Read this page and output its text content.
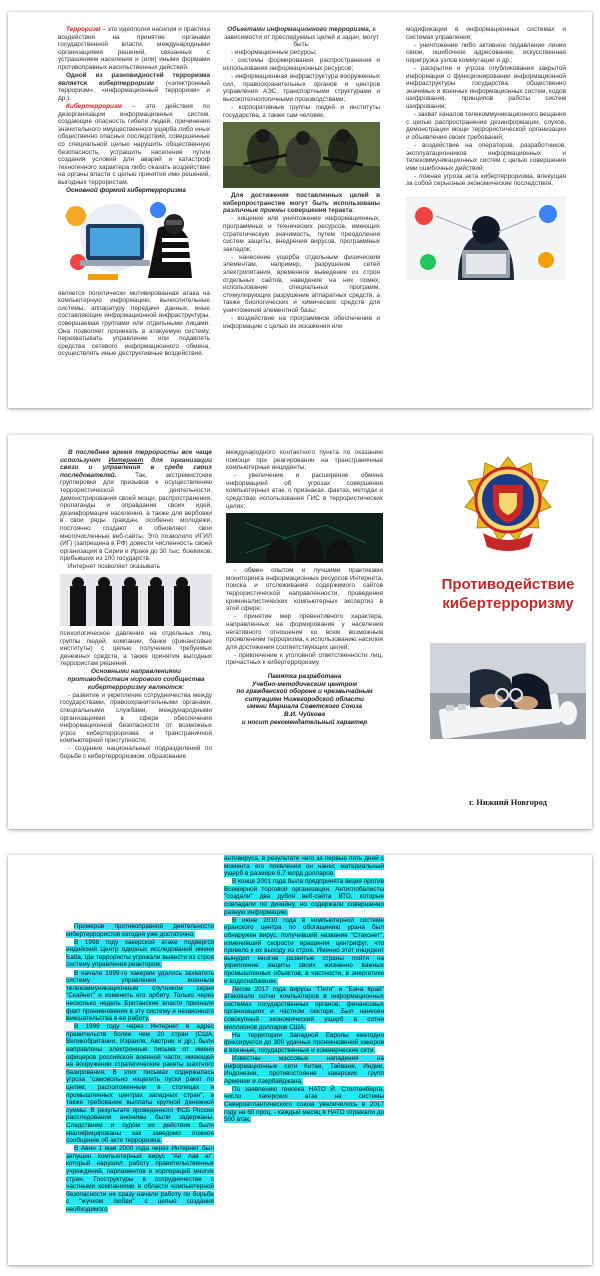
Терроризм – это идеология насилия и практика воздействия на принятие органами государственной власти, международными организациями решений, связанных с устрашением населения и (или) иными формами противоправных насильственных действий.

Одной из разновидностей терроризма является кибертерроризм («электронный терроризм», «информационный терроризм» и др.).

Кибертерроризм – это действия по дезорганизации информационных систем, создающие опасность гибели людей, причинения значительного имущественного ущерба либо иных общественно опасных последствий, совершенные со специальной целью нарушить общественную безопасность, устрашить население путем создания условий для аварий и катастроф техногенного характера либо оказать воздействие на органы власти с целью принятия ими решений, выгодных террористам.

Основной формой кибертерроризма

является политически мотивированная атака на компьютерную информацию, вычислительные системы, аппаратуру передачи данных, иные составляющие информационной инфраструктуры, совершаемая группами или отдельными лицами. Она позволяет проникать в атакуемую систему, перехватывать управление или подавлять средства сетевого информационного обмена, осуществлять иные деструктивные воздействия.

Объектами информационного терроризма, в зависимости от преследуемых целей и задач, могут быть:

- информационные ресурсы;

- системы формирования, распространения и использования информационных ресурсов;

- информационная инфраструктура вооруженных сил, правоохранительных органов и центров управления АЭС, транспортными структурами и высокотехнологичными производствами;

- корпоративные группы людей и институты государства, а также сам человек.

Для достижения поставленных целей в киберпространстве могут быть использованы различные приемы совершения теракта:

- хищение или уничтожение информационных, программных и технических ресурсов, имеющих стратегическую значимость, путем преодоления систем защиты, внедрения вирусов, программных закладок;

- нанесение ущерба отдельным физическим элементам, например, разрушение сетей электропитания, временное выведение из строя отдельных сайтов, наведение на них помех, использование специальных программ, стимулирующих разрушение аппаратных средств, а также биологических и химических средств для уничтожения элементной базы;

- воздействие на программное обеспечение и информацию с целью их искажения или

модификации в информационных системах и системах управления;

- уничтожение либо активное подавление линии связи, ошибочное адресование, искусственная перегрузка узлов коммутации и др.;

- раскрытие и угроза опубликования закрытой информации о функционировании информационной инфраструктуры государства, общественно значимых и военных информационных систем, кодов шифрования, принципов работы систем шифрования;

- захват каналов телекоммуникационного вещания с целью распространения дезинформации, слухов, демонстрации мощи террористической организации и объявления своих требований;

- воздействие на операторов, разработчиков, эксплуатационников информационных и телекоммуникационных систем с целью совершения ими ошибочных действий;

- ложная угроза акта кибертерроризма, влекущая за собой серьезные экономические последствия.

В последнее время террористы все чаще используют Интернет для организации связи и управления в среде своих последователей. Так, экстремистские группировки для призывов к осуществлению террористической деятельности, демонстрирования своей мощи, распространения, пропаганды и оправдания своих идей, дезинформации населения, а также для вербовки в свои ряды граждан, особенно молодежи, постоянно создают и обновляют свои многочисленные веб-сайты. Это позволило ИГИЛ (ИГ) (запрещена в РФ) довести численность своей организации в Сирии и Ираке до 30 тыс. боевиков, прибывших из 100 государств.

Интернет позволяет оказывать

психологическое давление на отдельных лиц, группы людей, компании, банки (финансовые институты) с целью получения требуемых денежных средств, а также принятия выгодных террористам решений.

Основными направлениями противодействия мирового сообщества кибертерроризму являются:

- развитие и укрепление сотрудничества между государствами, правоохранительными органами, специальными службами, международными организациями в сфере обеспечения информационной безопасности от возможных угроз кибертерроризма и трансграничной компьютерной преступности;

- создание национальных подразделений по борьбе с кибертерроризмом, образование

международного контактного пункта по оказанию помощи при реагировании на трансграничные компьютерные инциденты;

- увеличение и расширение обмена информацией об угрозах совершения компьютерных атак, о признаках, фактах, методах и средствах использования ГИС в террористических целях;

- обмен опытом и лучшими практиками мониторинга информационных ресурсов Интернета, поиска и отслеживания содержимого сайтов террористической направленности, проведения криминалистических компьютерных экспертиз в этой сфере;

- принятие мер превентивного характера, направленных на формирование у населения негативного отношения ко всем возможным проявлениям терроризма, к использованию насилия для достижения соответствующих целей;

- привлечение к уголовной ответственности лиц, причастных к кибертерроризму.

Памятка разработана
Учебно-методическим центром
по гражданской обороне и чрезвычайным
ситуациям Нижегородской области
имени Маршала Советского Союза
В.И. Чуйкова
и носит рекомендательный характер
Противодействие кибертерроризму
г. Нижний Новгород

Примеров противоправной деятельности кибертеррористов сегодня уже достаточно.

В 1998 году хакерской атаке подвергся индийский Центр ядерных исследований имени Баба, где террористы угрожали вывести из строя систему управления реактором.

В начале 1999-го хакерам удалось захватить систему управления военным телекоммуникационным спутником серии "Скайнет" и изменить его орбиту. Только через несколько недель Британские власти признали факт проникновения в эту систему и незаконного вмешательства в ее работу.

В 1999 году через Интернет в адрес правительств более чем 20 стран (США, Великобритании, Израиля, Австрии и др.) были направлены электронные письма от имени офицеров российской военной части, имеющей на вооружении стратегические ракеты шахтного базирования. В этих письмах содержалась угроза "самовольно нацелить пуски ракет по целям, расположенным в столицах и промышленных центрах западных стран", а также требование выплаты крупной денежной суммы. В результате проведенного ФСБ России расследования анонимы были задержаны. Следствием и судом их действия были квалифицированы как заведомо ложное сообщение об акте терроризма.

В Авин 1 мая 2000 года через Интернет был запущен компьютерный вирус "Ай лав ю", который нарушил работу правительственных учреждений, парламентов и корпораций многих стран. Госструктуры в сотрудничестве с частными компаниями в области компьютерной безопасности не сразу начали работу по борьбе с "жучком любви" с целью создания необходимого

антивируса, в результате чего за первые пять дней с момента его появления он нанес материальный ущерб в размере 6,7 млрд долларов.

В конце 2001 года была предпринята акция против Всемирной торговой организации. Антиглобалисты "создали" два дубля веб-сайта ВТО, которые совпадали по дизайну, но содержали совершенно разную информацию.

В июне 2010 года в компьютерной системе иранского центра по обогащению урана был обнаружен вирус, получивший название "Стакснет", изменивший скорости вращения центрифуг, что привело к их выходу из строя. Именно этот инцидент вынудил многие развитые страны пойти на укрепление защиты своих жизненно важных промышленных объектов, в частности, в энергетике и водоснабжении.

Летом 2017 года вирусы "Петя" и "Бэна Край" атаковали сотни компьютеров в информационных системах государственных органов, финансовых организациях и частном секторе. Был нанесен совокупный экономический ущерб в сотни миллионов долларов США.

На территории Западной Европы ежегодно фиксируется до 300 удачных проникновений хакеров в военные, государственные и коммерческие сети.

Известны массовые нападения на информационные сети Китая, Тайваня, Индии, Индонезии, противостояние хакерских групп Армении и Азербайджана.

По заявлению генсека НАТО Й. Столтенберга, число хакерских атак на системы Североатлантического союза увеличилось в 2017 году на 60 проц. - каждый месяц в НАТО отражали до 500 атак.
